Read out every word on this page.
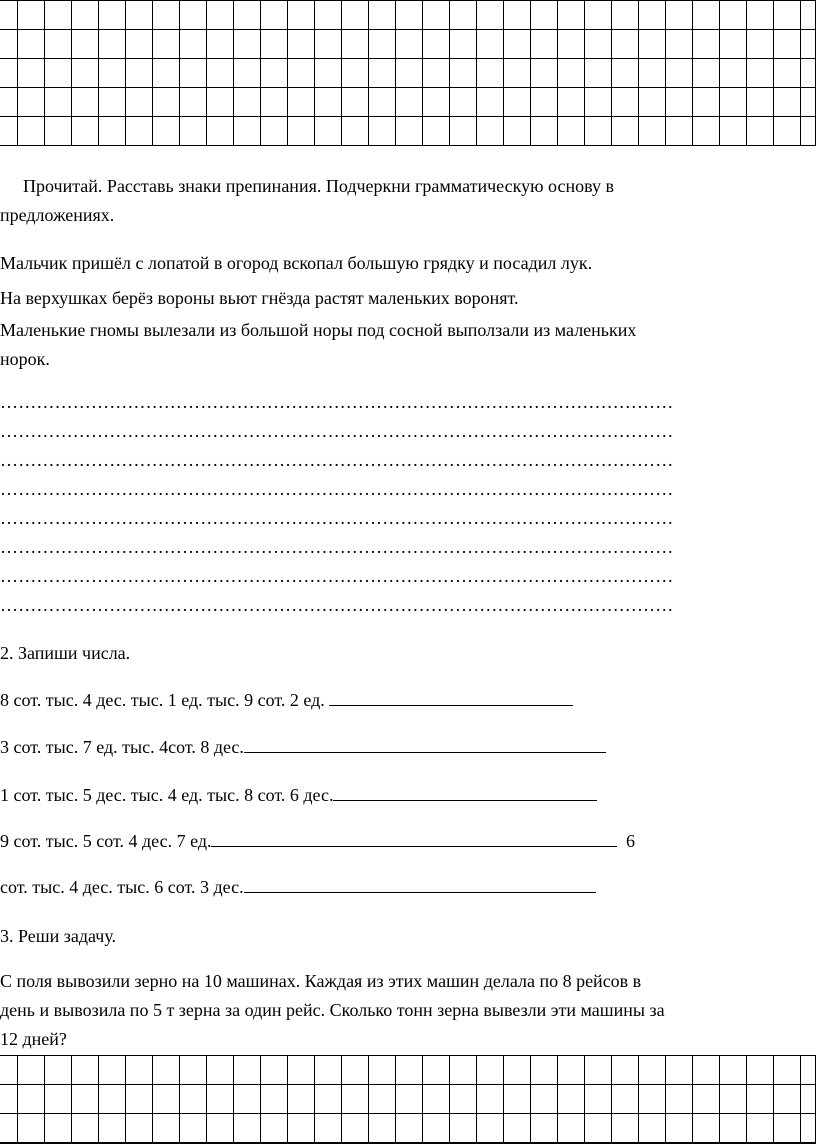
Прочитай. Расставь знаки препинания. Подчеркни грамматическую основу в
предложениях.
Мальчик пришёл с лопатой в огород вскопал большую грядку и посадил лук.
На верхушках берёз вороны вьют гнёзда растят маленьких воронят.
Маленькие гномы вылезали из большой норы под сосной выползали из маленьких
норок.
…………………………………………………………………………………………………
…………………………………………………………………………………………………
…………………………………………………………………………………………………
…………………………………………………………………………………………………
…………………………………………………………………………………………………
…………………………………………………………………………………………………
…………………………………………………………………………………………………
…………………………………………………………………………………………………
2. Запиши числа.
8 сот. тыс. 4 дес. тыс. 1 ед. тыс. 9 сот. 2 ед.
3 сот. тыс. 7 ед. тыс. 4сот. 8 дес.
1 сот. тыс. 5 дес. тыс. 4 ед. тыс. 8 сот. 6 дес.
9 сот. тыс. 5 сот. 4 дес. 7 ед.	6
сот. тыс. 4 дес. тыс. 6 сот. 3 дес.
3. Реши задачу.
С поля вывозили зерно на 10 машинах. Каждая из этих машин делала по 8 рейсов в
день и вывозила по 5 т зерна за один рейс. Сколько тонн зерна вывезли эти машины за
12 дней?
